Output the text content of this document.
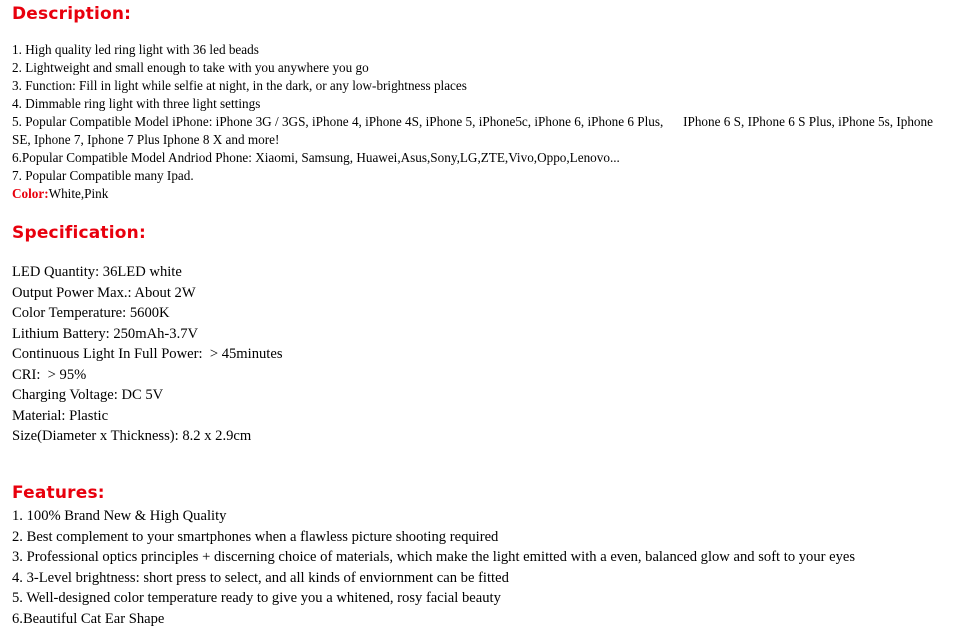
Description:
1. High quality led ring light with 36 led beads
2. Lightweight and small enough to take with you anywhere you go
3. Function: Fill in light while selfie at night, in the dark, or any low-brightness places
4. Dimmable ring light with three light settings
5. Popular Compatible Model iPhone: iPhone 3G / 3GS, iPhone 4, iPhone 4S, iPhone 5, iPhone5c, iPhone 6, iPhone 6 Plus,      IPhone 6 S, IPhone 6 S Plus, iPhone 5s, Iphone SE, Iphone 7, Iphone 7 Plus Iphone 8 X and more!
6.Popular Compatible Model Andriod Phone: Xiaomi, Samsung, Huawei,Asus,Sony,LG,ZTE,Vivo,Oppo,Lenovo...
7. Popular Compatible many Ipad.
Color:White,Pink
Specification:
LED Quantity: 36LED white
Output Power Max.: About 2W
Color Temperature: 5600K
Lithium Battery: 250mAh-3.7V
Continuous Light In Full Power:  > 45minutes
CRI:  > 95%
Charging Voltage: DC 5V
Material: Plastic
Size(Diameter x Thickness): 8.2 x 2.9cm
Features:
1. 100% Brand New & High Quality
2. Best complement to your smartphones when a flawless picture shooting required
3. Professional optics principles + discerning choice of materials, which make the light emitted with a even, balanced glow and soft to your eyes
4. 3-Level brightness: short press to select, and all kinds of enviornment can be fitted
5. Well-designed color temperature ready to give you a whitened, rosy facial beauty
6.Beautiful Cat Ear Shape
